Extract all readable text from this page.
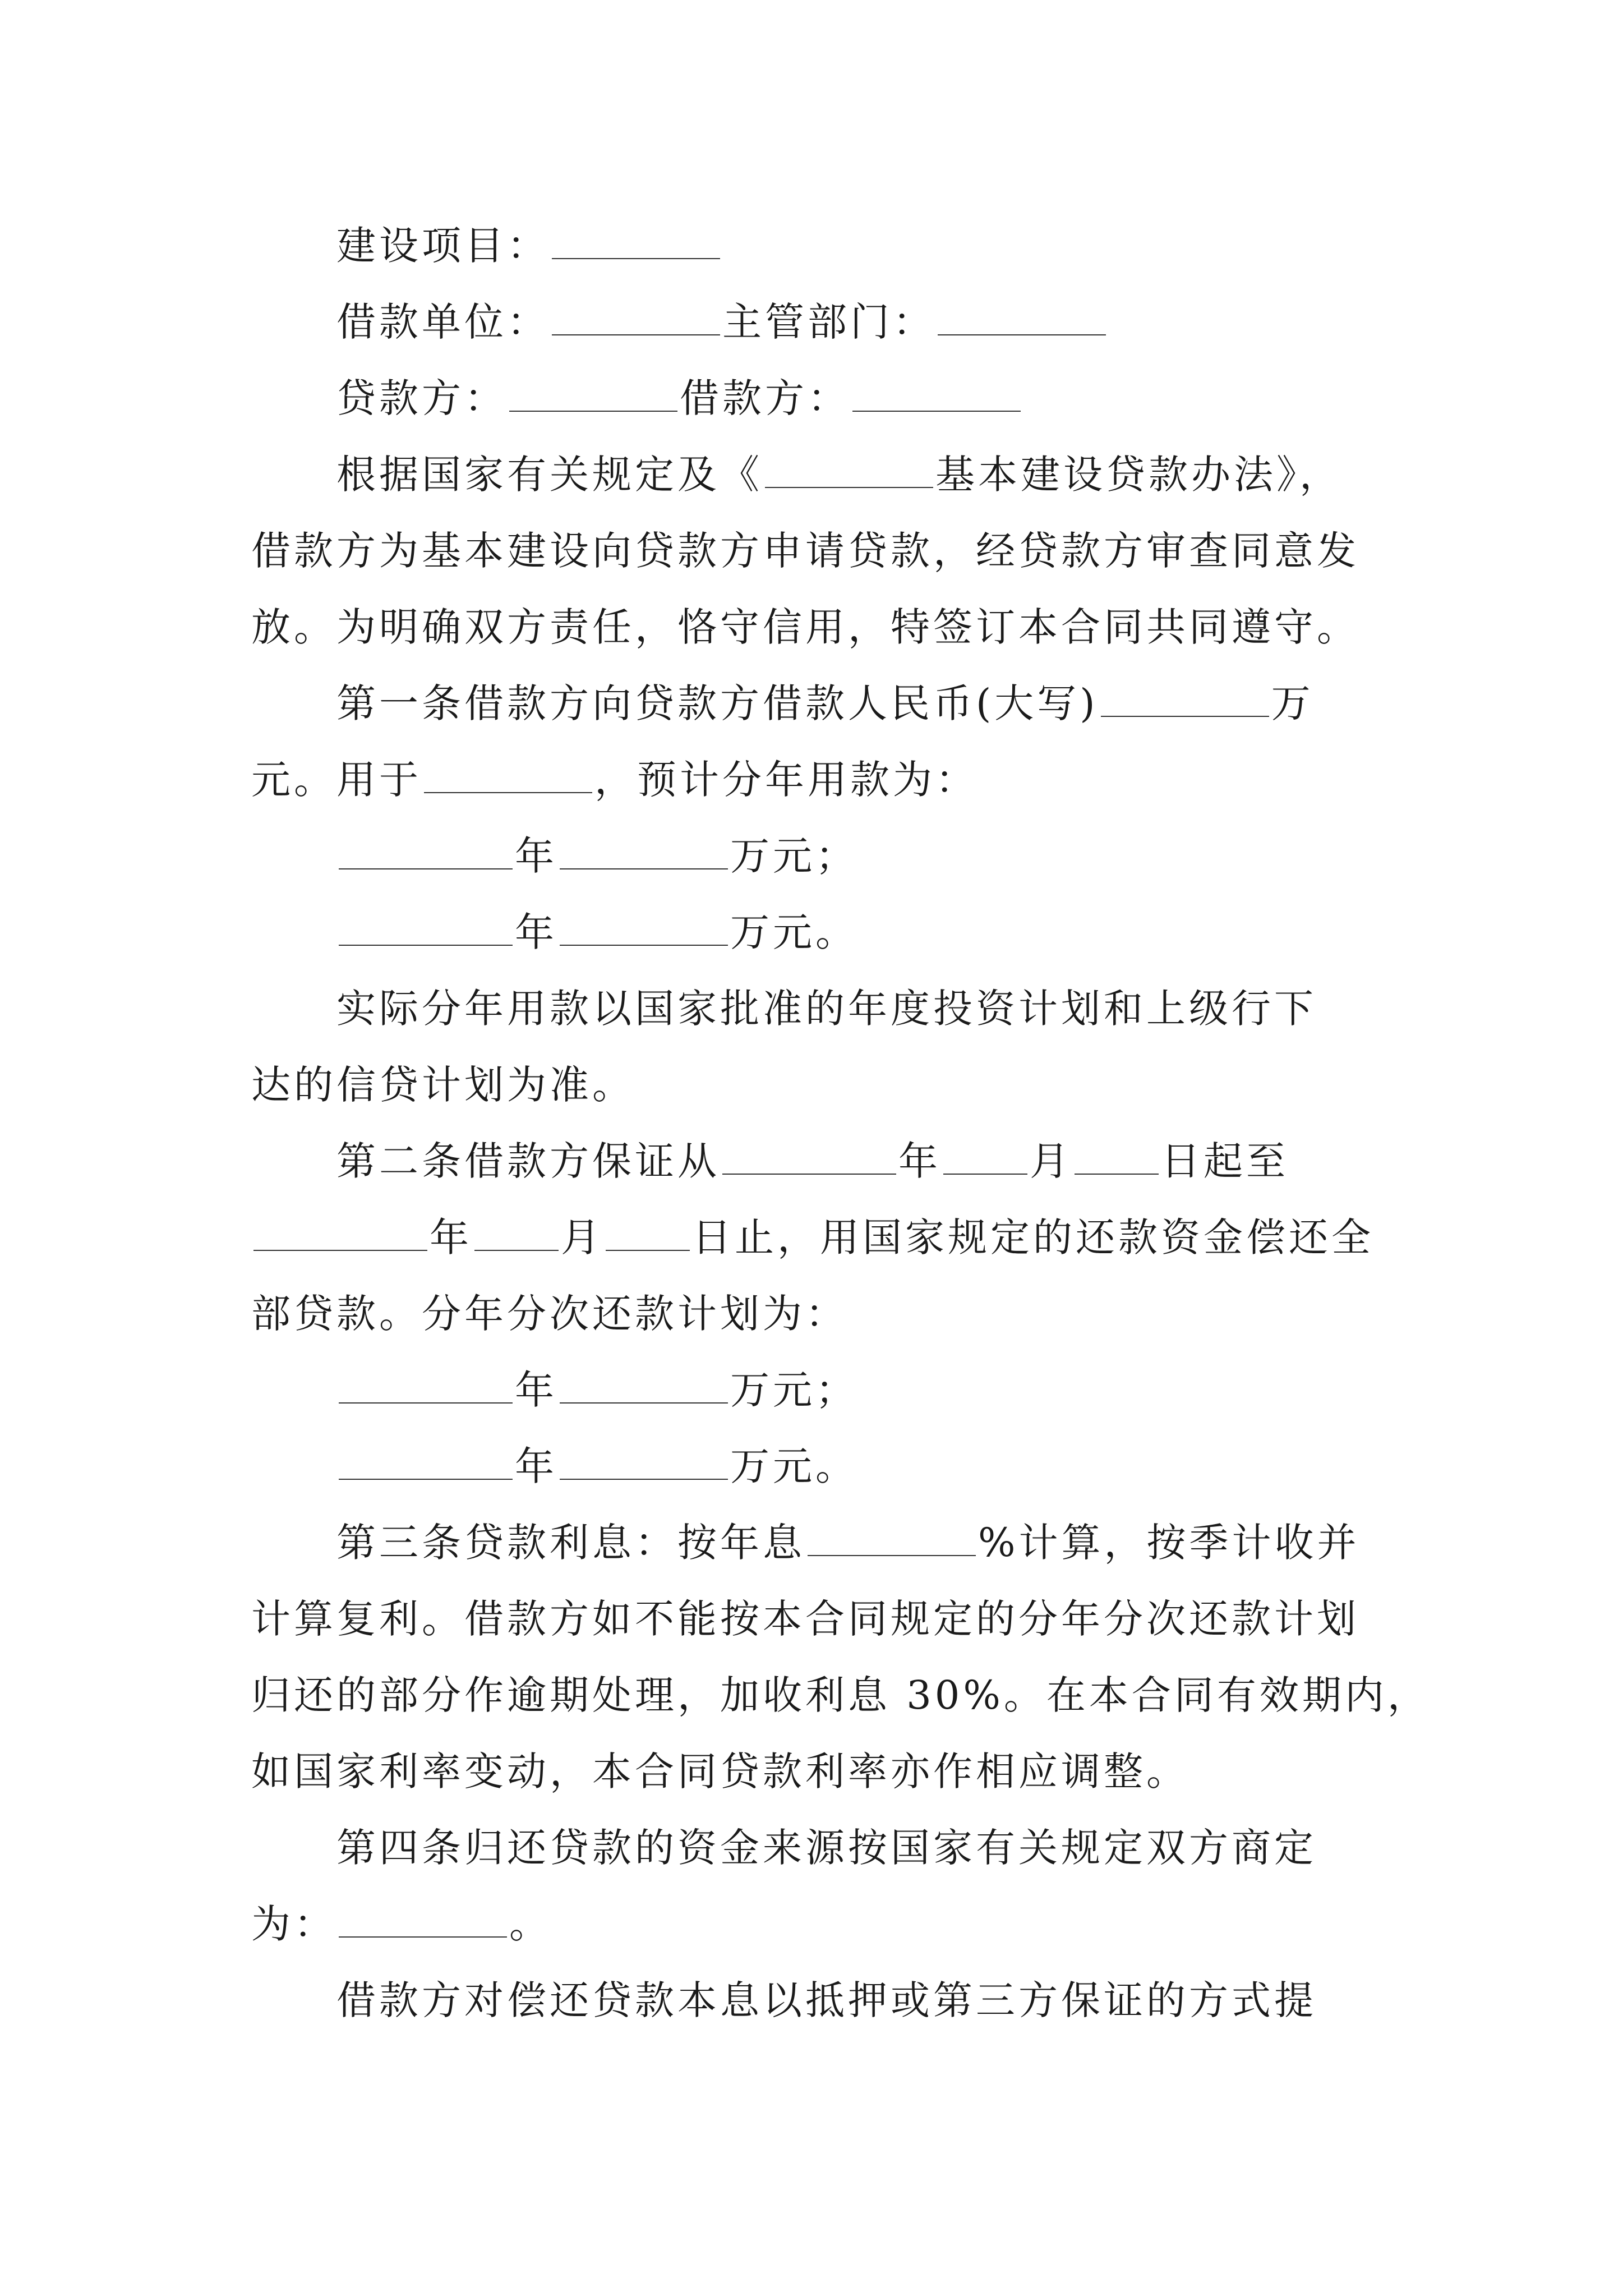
建设项目：
借款单位：	主管部门：
贷款方：	借款方：
根据国家有关规定及《	基本建设贷款办法》，
借款方为基本建设向贷款方申请贷款，经贷款方审查同意发
放。为明确双方责任，恪守信用，特签订本合同共同遵守。
第一条借款方向贷款方借款人民币(大写)	万
元。用于	，预计分年用款为：
年	万元；
年	万元。
实际分年用款以国家批准的年度投资计划和上级行下
达的信贷计划为准。
第二条借款方保证从	年 月 日起至
年 月 日止，用国家规定的还款资金偿还全
部贷款。分年分次还款计划为：
年	万元；
年	万元。
第三条贷款利息：按年息	%计算，按季计收并
计算复利。借款方如不能按本合同规定的分年分次还款计划
归还的部分作逾期处理，加收利息 30%。在本合同有效期内，
如国家利率变动，本合同贷款利率亦作相应调整。
第四条归还贷款的资金来源按国家有关规定双方商定
为：	。
借款方对偿还贷款本息以抵押或第三方保证的方式提
